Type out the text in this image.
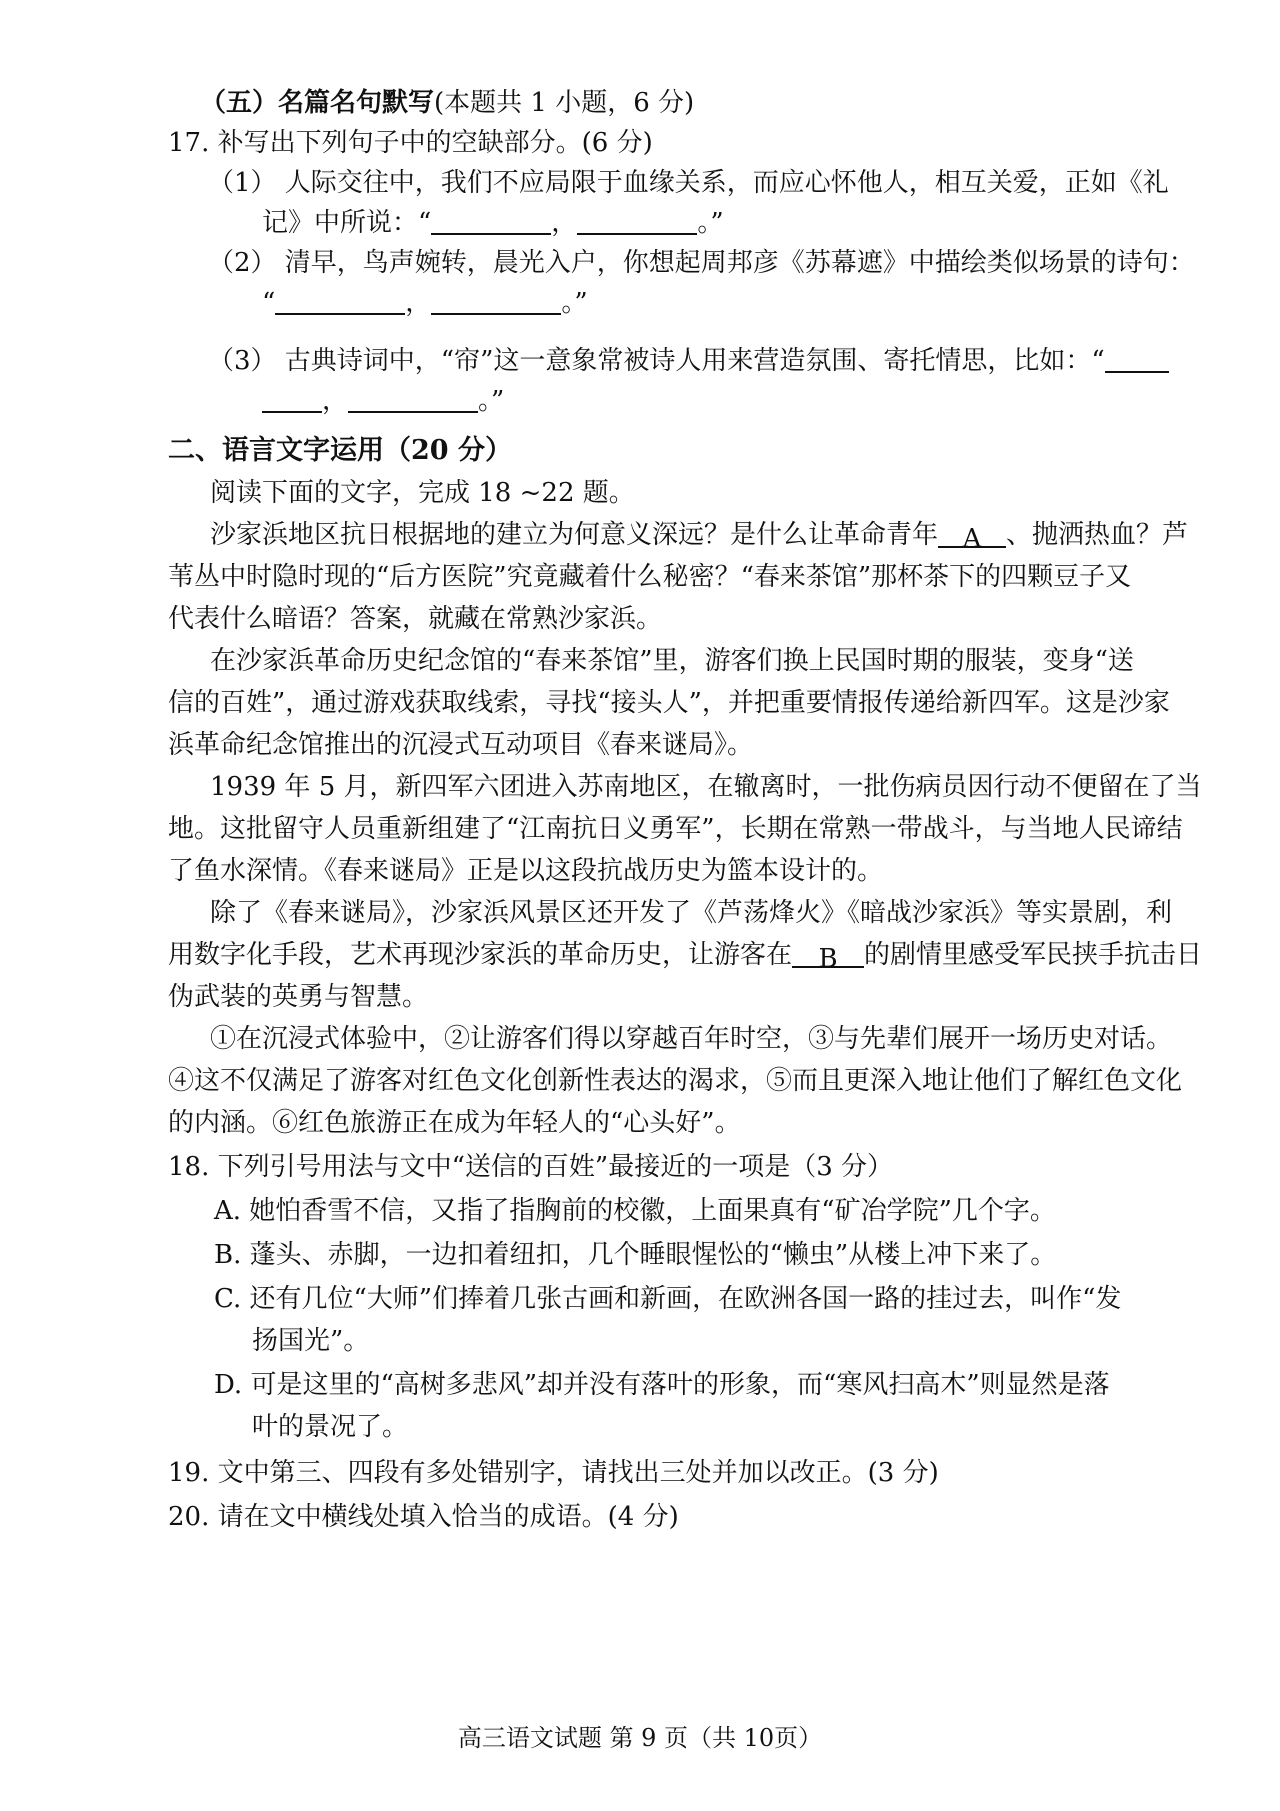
（五）名篇名句默写(本题共 1 小题，6 分)
17. 补写出下列句子中的空缺部分。(6 分)
（1） 人际交往中，我们不应局限于血缘关系，而应心怀他人，相互关爱，正如《礼
记》中所说：“	，	。”
（2） 清早，鸟声婉转，晨光入户，你想起周邦彦《苏幕遮》中描绘类似场景的诗句：
“	，	。”
（3） 古典诗词中，“帘”这一意象常被诗人用来营造氛围、寄托情思，比如：“
，	。”
二、语言文字运用（20 分）
阅读下面的文字，完成 18 ~22 题。
沙家浜地区抗日根据地的建立为何意义深远？是什么让革命青年 A 、抛洒热血？芦
苇丛中时隐时现的“后方医院”究竟藏着什么秘密？“春来茶馆”那杯茶下的四颗豆子又
代表什么暗语？答案，就藏在常熟沙家浜。
在沙家浜革命历史纪念馆的“春来茶馆”里，游客们换上民国时期的服装，变身“送
信的百姓”，通过游戏获取线索，寻找“接头人”，并把重要情报传递给新四军。这是沙家
浜革命纪念馆推出的沉浸式互动项目《春来谜局》。
1939 年 5 月，新四军六团进入苏南地区，在辙离时，一批伤病员因行动不便留在了当
地。这批留守人员重新组建了“江南抗日义勇军”，长期在常熟一带战斗，与当地人民谛结
了鱼水深情。《春来谜局》正是以这段抗战历史为篮本设计的。
除了《春来谜局》，沙家浜风景区还开发了《芦荡烽火》《暗战沙家浜》等实景剧，利
用数字化手段，艺术再现沙家浜的革命历史，让游客在 B 的剧情里感受军民挟手抗击日
伪武装的英勇与智慧。
①在沉浸式体验中，②让游客们得以穿越百年时空，③与先辈们展开一场历史对话。
④这不仅满足了游客对红色文化创新性表达的渴求，⑤而且更深入地让他们了解红色文化
的内涵。⑥红色旅游正在成为年轻人的“心头好”。
18. 下列引号用法与文中“送信的百姓”最接近的一项是（3 分）
A. 她怕香雪不信，又指了指胸前的校徽，上面果真有“矿冶学院”几个字。
B. 蓬头、赤脚，一边扣着纽扣，几个睡眼惺忪的“懒虫”从楼上冲下来了。
C. 还有几位“大师”们捧着几张古画和新画，在欧洲各国一路的挂过去，叫作“发
扬国光”。
D. 可是这里的“高树多悲风”却并没有落叶的形象，而“寒风扫高木”则显然是落
叶的景况了。
19. 文中第三、四段有多处错别字，请找出三处并加以改正。(3 分)
20. 请在文中横线处填入恰当的成语。(4 分)
高三语文试题 第 9 页（共 10页）
